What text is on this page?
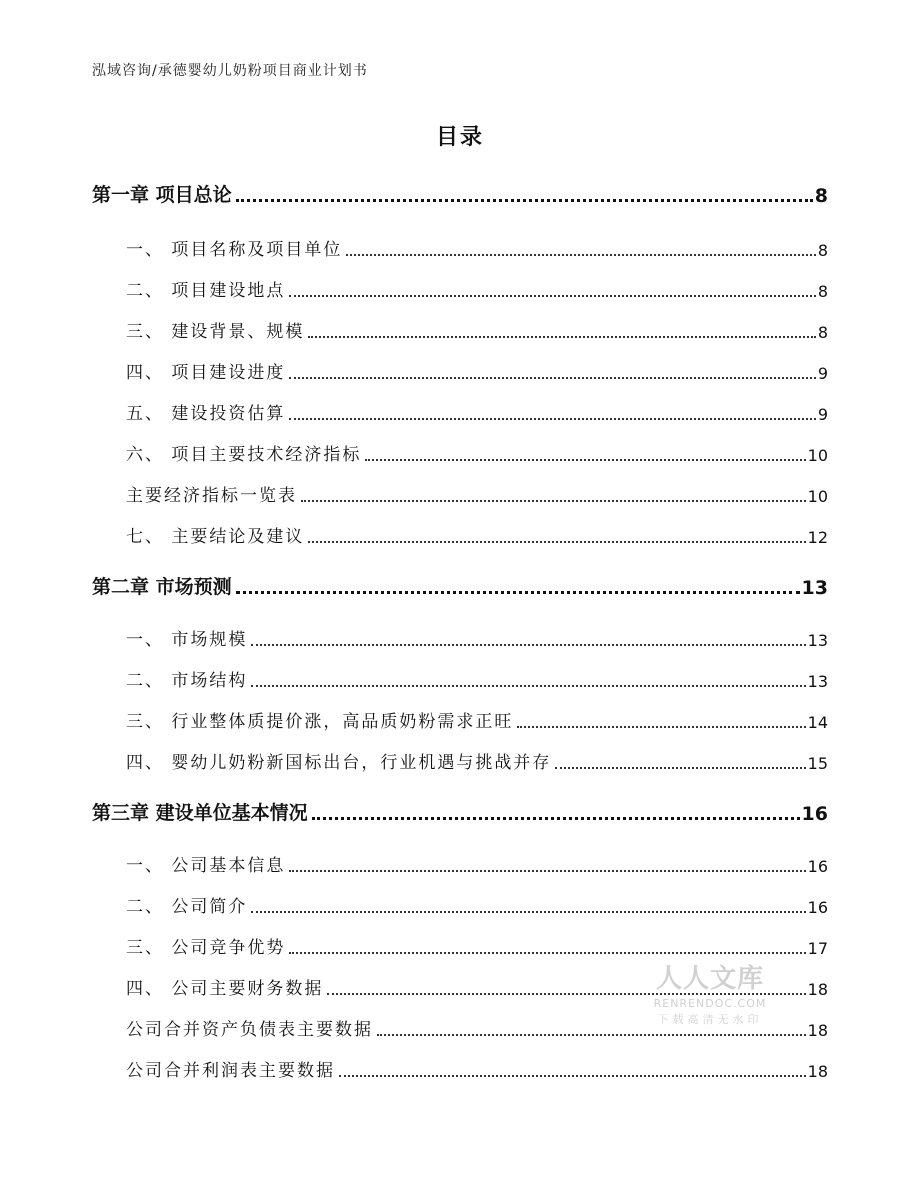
泓域咨询/承德婴幼儿奶粉项目商业计划书
目录
第一章 项目总论	8
一、 项目名称及项目单位	8
二、 项目建设地点	8
三、 建设背景、规模	8
四、 项目建设进度	9
五、 建设投资估算	9
六、 项目主要技术经济指标	10
主要经济指标一览表	10
七、 主要结论及建议	12
第二章 市场预测	13
一、 市场规模	13
二、 市场结构	13
三、 行业整体质提价涨，高品质奶粉需求正旺	14
四、 婴幼儿奶粉新国标出台，行业机遇与挑战并存	15
第三章 建设单位基本情况	16
一、 公司基本信息	16
二、 公司简介	16
三、 公司竞争优势	17
四、 公司主要财务数据	18
公司合并资产负债表主要数据	18
公司合并利润表主要数据	18
人人文库
RENRENDOC.COM
下载高清无水印
